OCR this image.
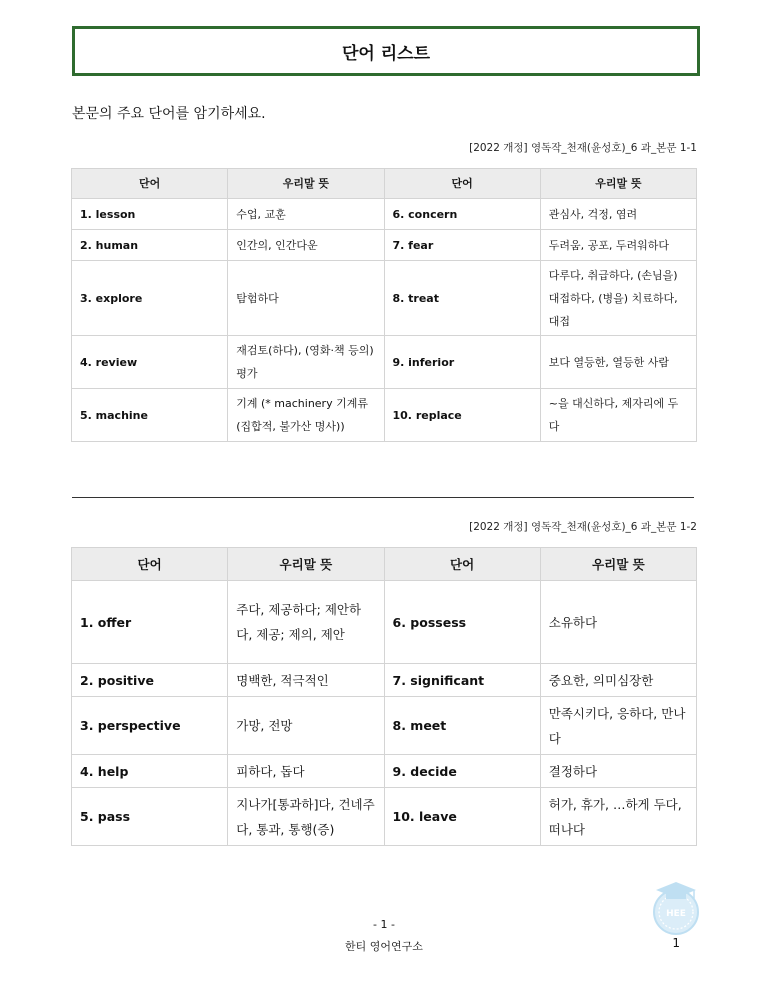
단어 리스트
본문의 주요 단어를 암기하세요.
[2022 개정] 영독작_천재(윤성호)_6 과_본문 1-1
단어	우리말 뜻	단어	우리말 뜻
1. lesson	수업, 교훈	6. concern	관심사, 걱정, 염려
2. human	인간의, 인간다운	7. fear	두려움, 공포, 두려워하다
3. explore	탐험하다	8. treat	다루다, 취급하다, (손님을) 대접하다, (병을) 치료하다, 대접
4. review	재검토(하다), (영화·책 등의) 평가	9. inferior	보다 열등한, 열등한 사람
5. machine	기계 (* machinery 기계류 (집합적, 불가산 명사))	10. replace	~을 대신하다, 제자리에 두다
[2022 개정] 영독작_천재(윤성호)_6 과_본문 1-2
단어	우리말 뜻	단어	우리말 뜻
1. offer	주다, 제공하다; 제안하다, 제공; 제의, 제안	6. possess	소유하다
2. positive	명백한, 적극적인	7. significant	중요한, 의미심장한
3. perspective	가망, 전망	8. meet	만족시키다, 응하다, 만나다
4. help	피하다, 돕다	9. decide	결정하다
5. pass	지나가[통과하]다, 건네주다, 통과, 통행(증)	10. leave	허가, 휴가, …하게 두다, 떠나다
- 1 -
한티 영어연구소	1
HEE
